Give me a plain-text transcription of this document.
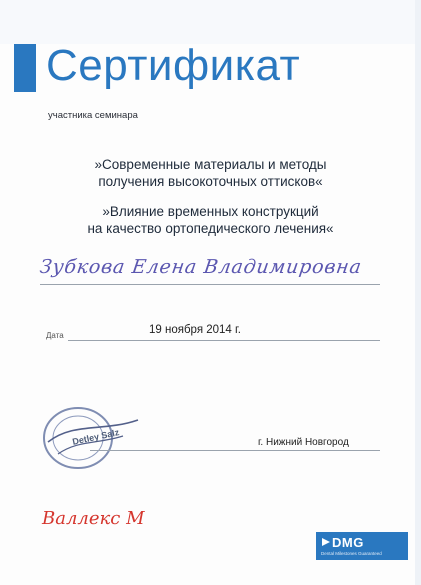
Сертификат
участника семинара
»Современные материалы и методы
получения высокоточных оттисков«
»Влияние временных конструкций
на качество ортопедического лечения«
Зубкова Елена Владимировна
Дата	19 ноября 2014 г.
Detley Salz	г. Нижний Новгород
Валлекс М
DMG
Dental Milestones Guaranteed
